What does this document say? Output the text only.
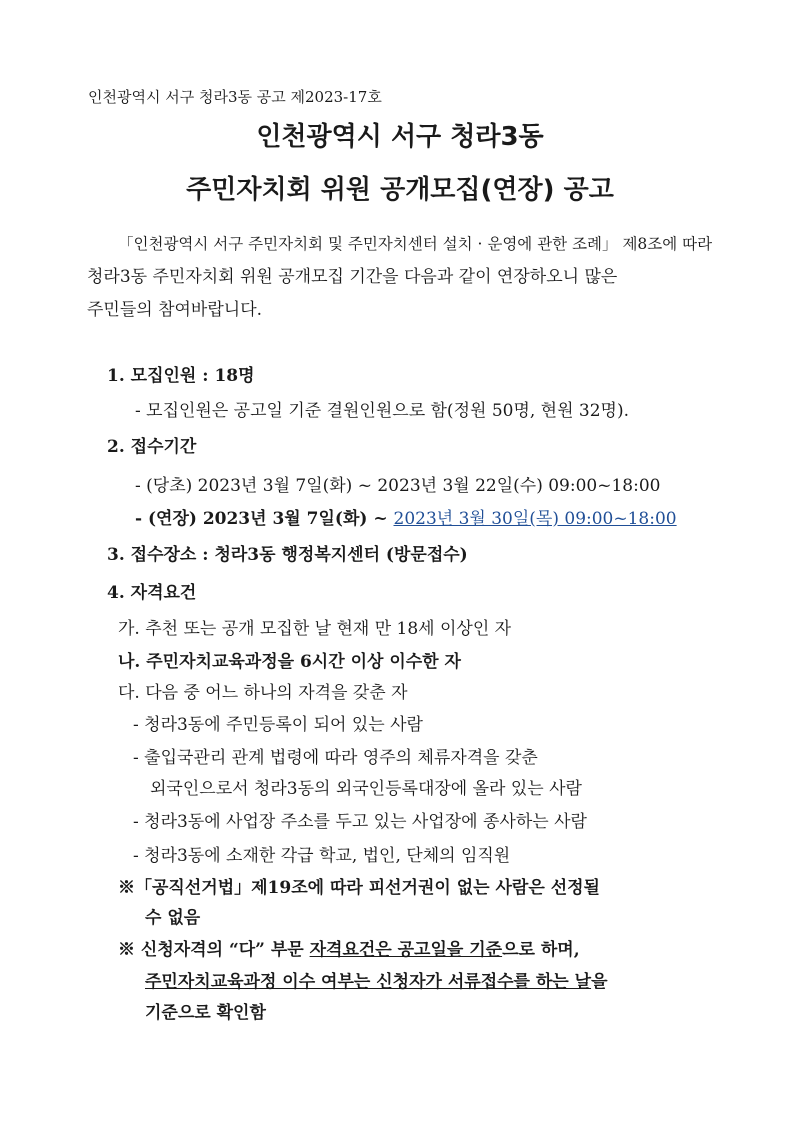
인천광역시 서구 청라3동 공고 제2023-17호
인천광역시 서구 청라3동
주민자치회 위원 공개모집(연장) 공고
「인천광역시 서구 주민자치회 및 주민자치센터 설치 · 운영에 관한 조례」 제8조에 따라
청라3동 주민자치회 위원 공개모집 기간을 다음과 같이 연장하오니 많은
주민들의 참여바랍니다.
1. 모집인원 : 18명
- 모집인원은 공고일 기준 결원인원으로 함(정원 50명, 현원 32명).
2. 접수기간
- (당초) 2023년 3월 7일(화) ~ 2023년 3월 22일(수) 09:00~18:00
- (연장) 2023년 3월 7일(화) ~ 2023년 3월 30일(목) 09:00~18:00
3. 접수장소 : 청라3동 행정복지센터 (방문접수)
4. 자격요건
가. 추천 또는 공개 모집한 날 현재 만 18세 이상인 자
나. 주민자치교육과정을 6시간 이상 이수한 자
다. 다음 중 어느 하나의 자격을 갖춘 자
- 청라3동에 주민등록이 되어 있는 사람
- 출입국관리 관계 법령에 따라 영주의 체류자격을 갖춘
외국인으로서 청라3동의 외국인등록대장에 올라 있는 사람
- 청라3동에 사업장 주소를 두고 있는 사업장에 종사하는 사람
- 청라3동에 소재한 각급 학교, 법인, 단체의 임직원
※「공직선거법」제19조에 따라 피선거권이 없는 사람은 선정될
수 없음
※ 신청자격의 “다” 부문 자격요건은 공고일을 기준으로 하며,
주민자치교육과정 이수 여부는 신청자가 서류접수를 하는 날을
기준으로 확인함
